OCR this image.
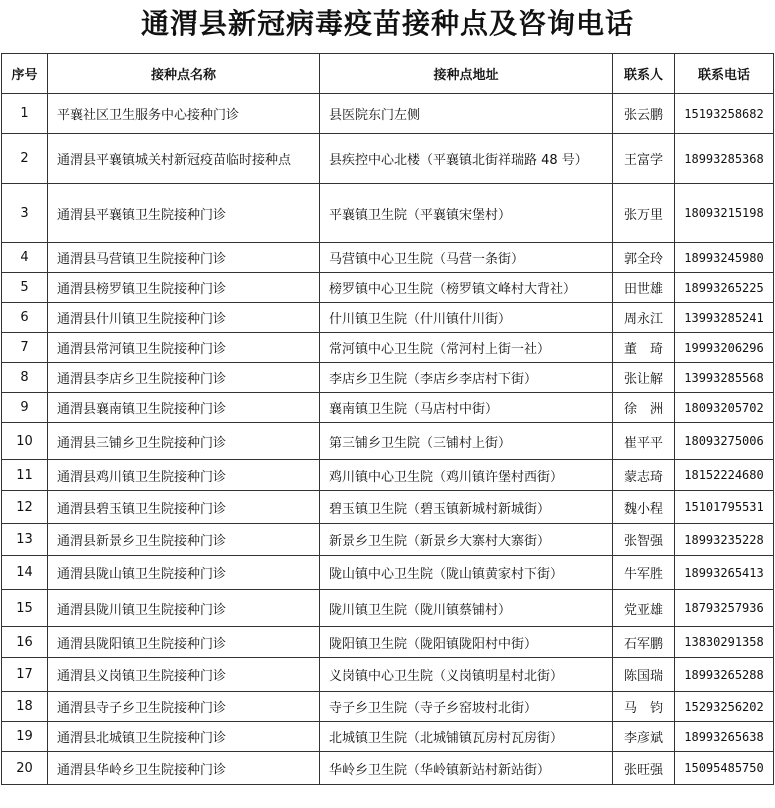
通渭县新冠病毒疫苗接种点及咨询电话
序号	接种点名称	接种点地址	联系人	联系电话
1	平襄社区卫生服务中心接种门诊	县医院东门左侧	张云鹏	15193258682
2	通渭县平襄镇城关村新冠疫苗临时接种点	县疾控中心北楼（平襄镇北街祥瑞路 48 号）	王富学	18993285368
3	通渭县平襄镇卫生院接种门诊	平襄镇卫生院（平襄镇宋堡村）	张万里	18093215198
4	通渭县马营镇卫生院接种门诊	马营镇中心卫生院（马营一条街）	郭全玲	18993245980
5	通渭县榜罗镇卫生院接种门诊	榜罗镇中心卫生院（榜罗镇文峰村大背社）	田世雄	18993265225
6	通渭县什川镇卫生院接种门诊	什川镇卫生院（什川镇什川街）	周永江	13993285241
7	通渭县常河镇卫生院接种门诊	常河镇中心卫生院（常河村上街一社）	董　琦	19993206296
8	通渭县李店乡卫生院接种门诊	李店乡卫生院（李店乡李店村下街）	张让解	13993285568
9	通渭县襄南镇卫生院接种门诊	襄南镇卫生院（马店村中街）	徐　洲	18093205702
10	通渭县三铺乡卫生院接种门诊	第三铺乡卫生院（三铺村上街）	崔平平	18093275006
11	通渭县鸡川镇卫生院接种门诊	鸡川镇中心卫生院（鸡川镇许堡村西街）	蒙志琦	18152224680
12	通渭县碧玉镇卫生院接种门诊	碧玉镇卫生院（碧玉镇新城村新城街）	魏小程	15101795531
13	通渭县新景乡卫生院接种门诊	新景乡卫生院（新景乡大寨村大寨街）	张智强	18993235228
14	通渭县陇山镇卫生院接种门诊	陇山镇中心卫生院（陇山镇黄家村下街）	牛军胜	18993265413
15	通渭县陇川镇卫生院接种门诊	陇川镇卫生院（陇川镇蔡铺村）	党亚雄	18793257936
16	通渭县陇阳镇卫生院接种门诊	陇阳镇卫生院（陇阳镇陇阳村中街）	石军鹏	13830291358
17	通渭县义岗镇卫生院接种门诊	义岗镇中心卫生院（义岗镇明星村北街）	陈国瑞	18993265288
18	通渭县寺子乡卫生院接种门诊	寺子乡卫生院（寺子乡窑坡村北街）	马　钧	15293256202
19	通渭县北城镇卫生院接种门诊	北城镇卫生院（北城铺镇瓦房村瓦房街）	李彦斌	18993265638
20	通渭县华岭乡卫生院接种门诊	华岭乡卫生院（华岭镇新站村新站街）	张旺强	15095485750
